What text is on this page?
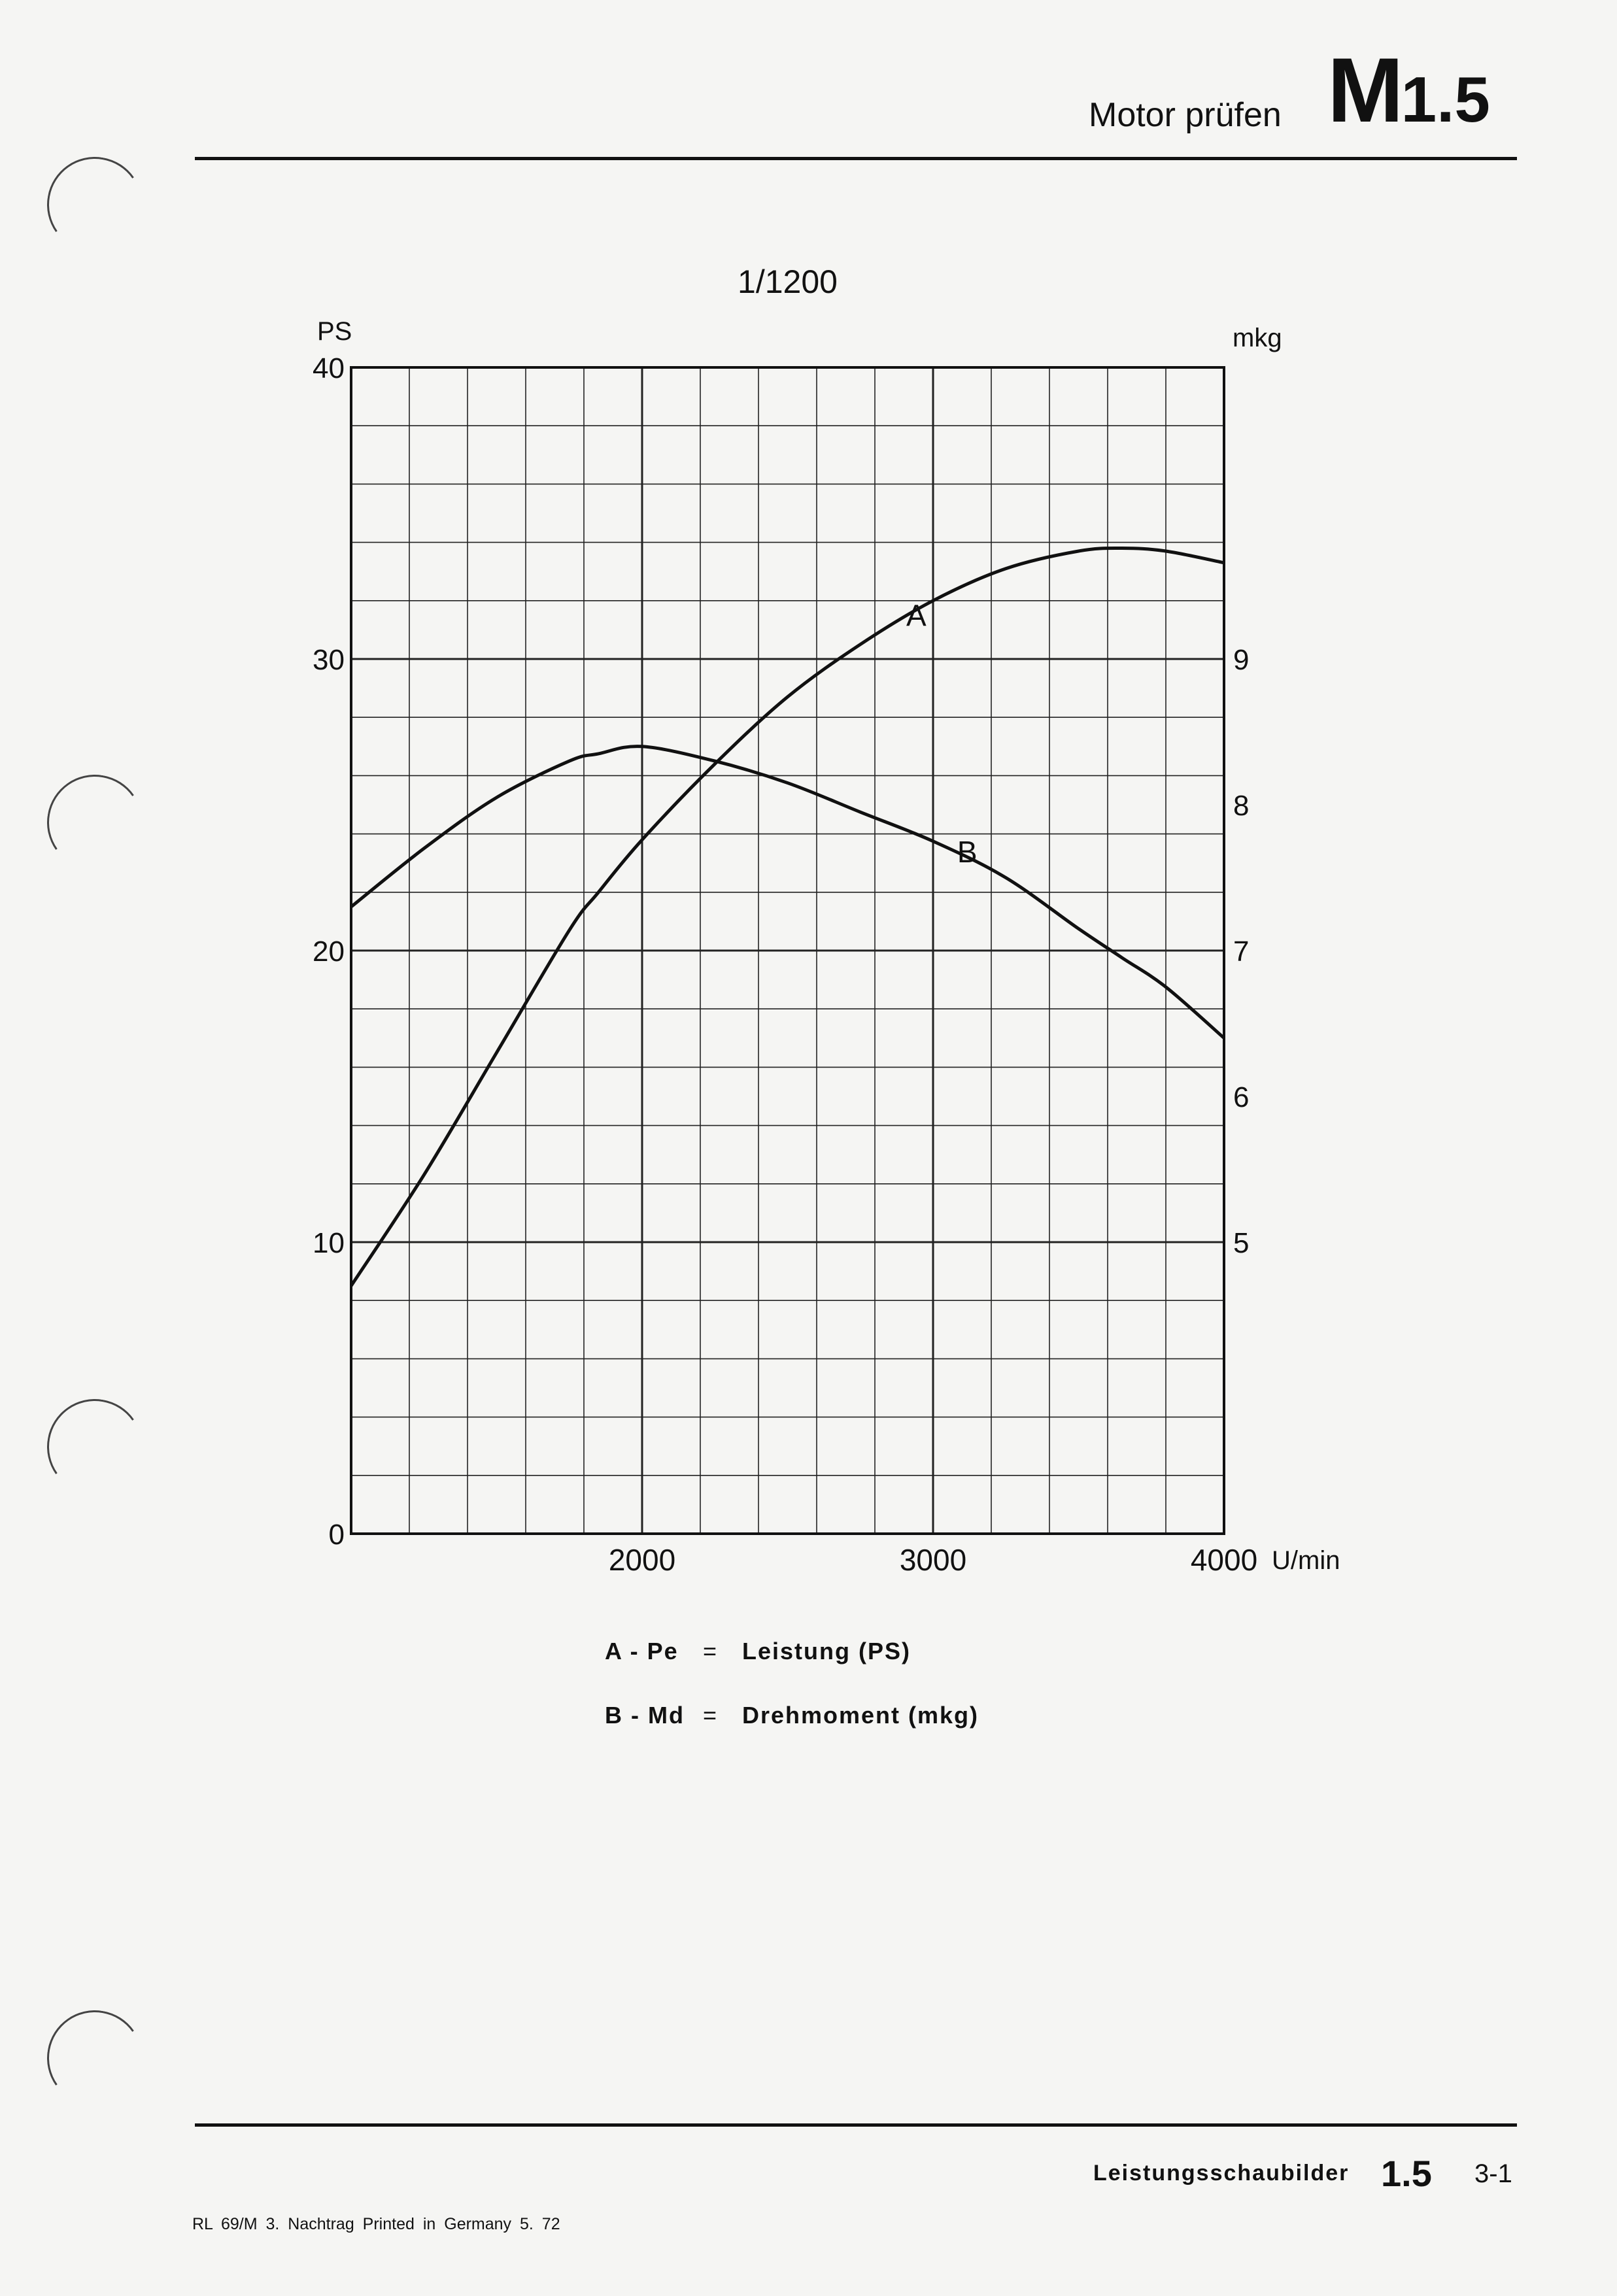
Motor prüfen M1.5
PS	mkg
U/min
1/1200
0
10
20
30
40
5
6
7
8
9
2000	3000	4000
A
B
A - Pe = Leistung (PS)
B - Md = Drehmoment (mkg)
Leistungsschaubilder 1.5 3-1
RL 69/M 3. Nachtrag Printed in Germany 5. 72
